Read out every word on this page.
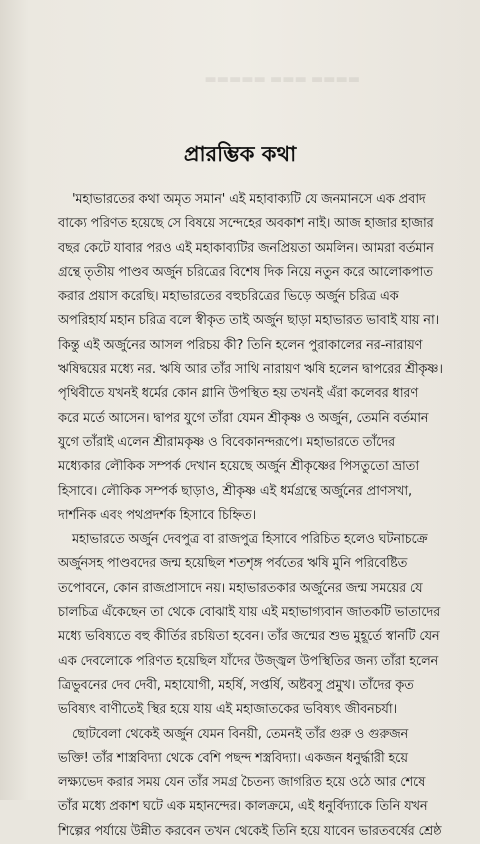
▬▬▬▬ ▬▬▬ ▬▬▬▬▬
প্রারম্ভিক কথা

'মহাভারতের কথা অমৃত সমান' এই মহাবাক্যটি যে জনমানসে এক প্রবাদ
বাক্যে পরিণত হয়েছে সে বিষয়ে সন্দেহের অবকাশ নাই। আজ হাজার হাজার
বছর কেটে যাবার পরও এই মহাকাব্যটির জনপ্রিয়তা অমলিন। আমরা বর্তমান
গ্রন্থে তৃতীয় পাণ্ডব অর্জুন চরিত্রের বিশেষ দিক নিয়ে নতুন করে আলোকপাত
করার প্রয়াস করেছি। মহাভারতের বহুচরিত্রের ভিড়ে অর্জুন চরিত্র এক
অপরিহার্য মহান চরিত্র বলে স্বীকৃত তাই অর্জুন ছাড়া মহাভারত ভাবাই যায় না।
কিন্তু এই অর্জুনের আসল পরিচয় কী? তিনি হলেন পুরাকালের নর-নারায়ণ
ঋষিদ্বয়ের মধ্যে নর. ঋষি আর তাঁর সাথি নারায়ণ ঋষি হলেন দ্বাপরের শ্রীকৃষ্ণ।
পৃথিবীতে যখনই ধর্মের কোন গ্লানি উপস্থিত হয় তখনই এঁরা কলেবর ধারণ
করে মর্তে আসেন। দ্বাপর যুগে তাঁরা যেমন শ্রীকৃষ্ণ ও অর্জুন, তেমনি বর্তমান
যুগে তাঁরাই এলেন শ্রীরামকৃষ্ণ ও বিবেকানন্দরূপে। মহাভারতে তাঁদের
মধ্যেকার লৌকিক সম্পর্ক দেখান হয়েছে অর্জুন শ্রীকৃষ্ণের পিসতুতো ভ্রাতা
হিসাবে। লৌকিক সম্পর্ক ছাড়াও, শ্রীকৃষ্ণ এই ধর্মগ্রন্থে অর্জুনের প্রাণসখা,
দার্শনিক এবং পথপ্রদর্শক হিসাবে চিহ্নিত।

মহাভারতে অর্জুন দেবপুত্র বা রাজপুত্র হিসাবে পরিচিত হলেও ঘটনাচক্রে
অর্জুনসহ পাণ্ডবদের জন্ম হয়েছিল শতশৃঙ্গ পর্বতের ঋষি মুনি পরিবেষ্টিত
তপোবনে, কোন রাজপ্রাসাদে নয়। মহাভারতকার অর্জুনের জন্ম সময়ের যে
চালচিত্র এঁকেছেন তা থেকে বোঝাই যায় এই মহাভাগ্যবান জাতকটি ভাতাদের
মধ্যে ভবিষ্যতে বহু কীর্তির রচয়িতা হবেন। তাঁর জন্মের শুভ মুহূর্তে স্বানটি যেন
এক দেবলোকে পরিণত হয়েছিল যাঁদের উজ্জ্বল উপস্থিতির জন্য তাঁরা হলেন
ত্রিভুবনের দেব দেবী, মহাযোগী, মহর্ষি, সপ্তর্ষি, অষ্টবসু প্রমুখ। তাঁদের কৃত
ভবিষ্যৎ বাণীতেই স্থির হয়ে যায় এই মহাজাতকের ভবিষ্যৎ জীবনচর্যা।

ছোটবেলা থেকেই অর্জুন যেমন বিনয়ী, তেমনই তাঁর গুরু ও গুরুজন
ভক্তি! তাঁর শাস্ত্রবিদ্যা থেকে বেশি পছন্দ শস্ত্রবিদ্যা। একজন ধনুর্দ্ধারী হয়ে
লক্ষ্যভেদ করার সময় যেন তাঁর সমগ্র চৈতন্য জাগরিত হয়ে ওঠে আর শেষে
তাঁর মধ্যে প্রকাশ ঘটে এক মহানন্দের। কালক্রমে, এই ধনুর্বিদ্যাকে তিনি যখন
শিল্পের পর্যায়ে উন্নীত করবেন তখন থেকেই তিনি হয়ে যাবেন ভারতবর্ষের শ্রেষ্ঠ
